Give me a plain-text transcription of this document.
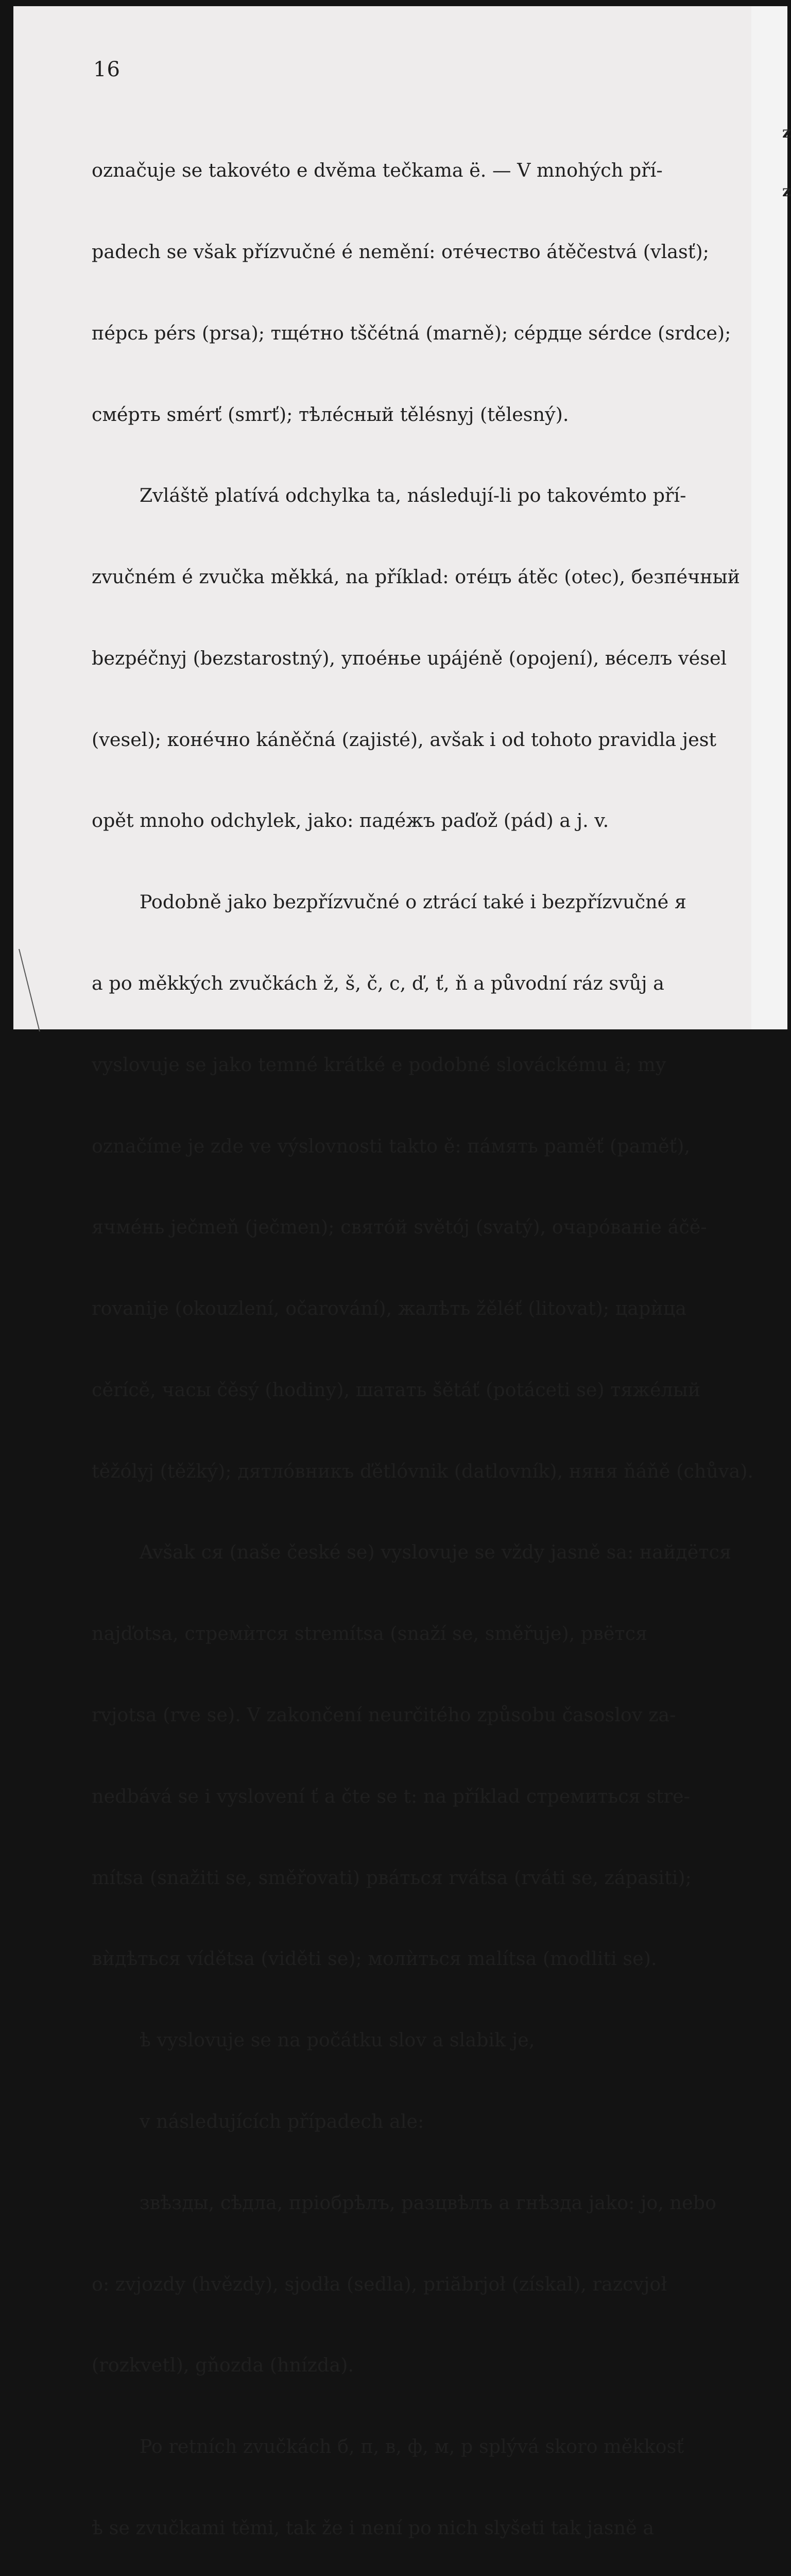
z
z
16

označuje se takovéto e dvěma tečkama ë. — V mnohých pří-

padech se však přízvučné é nemění: отéчество átěčestvá (vlasť);

пéрсь pérs (prsa); тщéтно tščétná (marně); сéрдце sérdce (srdce);

смéрть smérť (smrť); тѣлéсный tělésnyj (tělesný).

Zvláště platívá odchylka ta, následují-li po takovémto pří-

zvučném é zvučka měkká, na příklad: отéцъ átěc (otec), безпéчный

bezpéčnyj (bezstarostný), упоéнье upájéně (opojení), вéселъ vésel

(vesel); конéчно káněčná (zajisté), avšak i od tohoto pravidla jest

opět mnoho odchylek, jako: падéжъ paďož (pád) a j. v.

Podobně jako bezpřízvučné o ztrácí také i bezpřízvučné я

a po měkkých zvučkách ž, š, č, c, ď, ť, ň a původní ráz svůj a

vyslovuje se jako temné krátké e podobné slováckému ä; my

označíme je zde ve výslovnosti takto ě: пáмять paměť (paměť),

ячмéнь ječmeň (ječmen); святóй světój (svatý), очарóванie áčě-

rovanije (okouzlení, očarování), жалѣть žěléť (litovat); царѝца

cěrícě, часы čěsý (hodiny), шатать šětáť (potáceti se) тяжéлый

těžólyj (těžký); дятлóвникъ ďětlóvnik (datlovník), няня ňáňě (chůva).

Avšak ся (naše české se) vyslovuje se vždy jasně sa: найдётся

najďotsa, стремѝтся stremítsa (snaží se, směřuje), рвётся

rvjotsa (rve se). V zakončení neurčitého způsobu časoslov za-

nedbává se i vyslovení ť a čte se t: na příklad стремиться stre-

mítsa (snažiti se, směřovati) рвáться rvátsa (rváti se, zápasiti);

вѝдѣться vídětsa (viděti se); молѝться malítsa (modliti se).

ѣ vyslovuje se na počátku slov a slabik je,

v následujících případech ale:

звѣзды, сѣдла, пріобрѣлъ, разцвѣлъ a гнѣзда jako: jo, nebo

o: zvjozdy (hvězdy), sjodła (sedla), priăbrjoł (získal), razcvjoł

(rozkvetl), gňozda (hnízda).

Po retních zvučkách б, п, в, ф, м, р splývá skoro měkkosť

ѣ se zvučkami těmi, tak že i není po nich slyšeti tak jasně a
